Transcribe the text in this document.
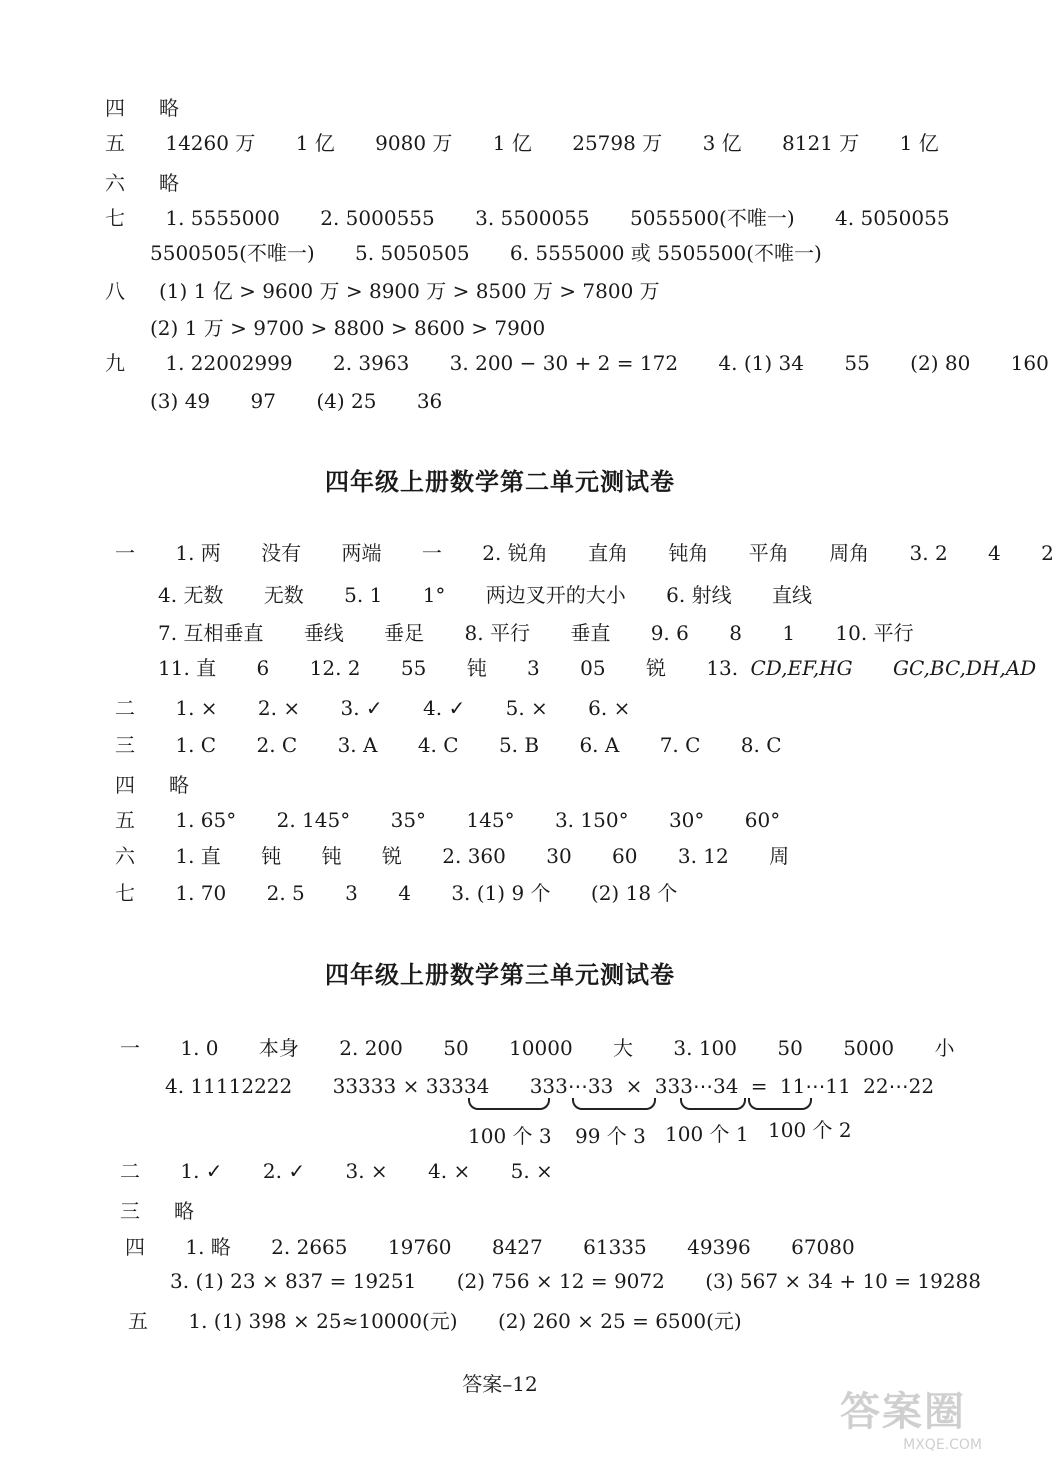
四 略
五 14260 万 1 亿 9080 万 1 亿 25798 万 3 亿 8121 万 1 亿
六 略
七 1. 5555000 2. 5000555 3. 5500055 5055500(不唯一) 4. 5050055
5500505(不唯一) 5. 5050505 6. 5555000 或 5505500(不唯一)
八 (1) 1 亿 > 9600 万 > 8900 万 > 8500 万 > 7800 万
(2) 1 万 > 9700 > 8800 > 8600 > 7900
九 1. 22002999 2. 3963 3. 200 − 30 + 2 = 172 4. (1) 34 55 (2) 80 160
(3) 49 97 (4) 25 36
四年级上册数学第二单元测试卷
一 1. 两 没有 两端 一 2. 锐角 直角 钝角 平角 周角 3. 2 4 2
4. 无数 无数 5. 1 1° 两边叉开的大小 6. 射线 直线
7. 互相垂直 垂线 垂足 8. 平行 垂直 9. 6 8 1 10. 平行
11. 直 6 12. 2 55 钝 3 05 锐 13. CD,EF,HG GC,BC,DH,AD
二 1. × 2. × 3. ✓ 4. ✓ 5. × 6. ×
三 1. C 2. C 3. A 4. C 5. B 6. A 7. C 8. C
四 略
五 1. 65° 2. 145° 35° 145° 3. 150° 30° 60°
六 1. 直 钝 钝 锐 2. 360 30 60 3. 12 周
七 1. 70 2. 5 3 4 3. (1) 9 个 (2) 18 个
四年级上册数学第三单元测试卷
一 1. 0 本身 2. 200 50 10000 大 3. 100 50 5000 小
4. 11112222 33333 × 33334 333⋯33 × 333⋯34 = 11⋯11 22⋯22
100 个 3 99 个 3 100 个 1 100 个 2
二 1. ✓ 2. ✓ 3. × 4. × 5. ×
三 略
四 1. 略 2. 2665 19760 8427 61335 49396 67080
3. (1) 23 × 837 = 19251 (2) 756 × 12 = 9072 (3) 567 × 34 + 10 = 19288
五 1. (1) 398 × 25≈10000(元) (2) 260 × 25 = 6500(元)
答案–12
答案圈
MXQE.COM
